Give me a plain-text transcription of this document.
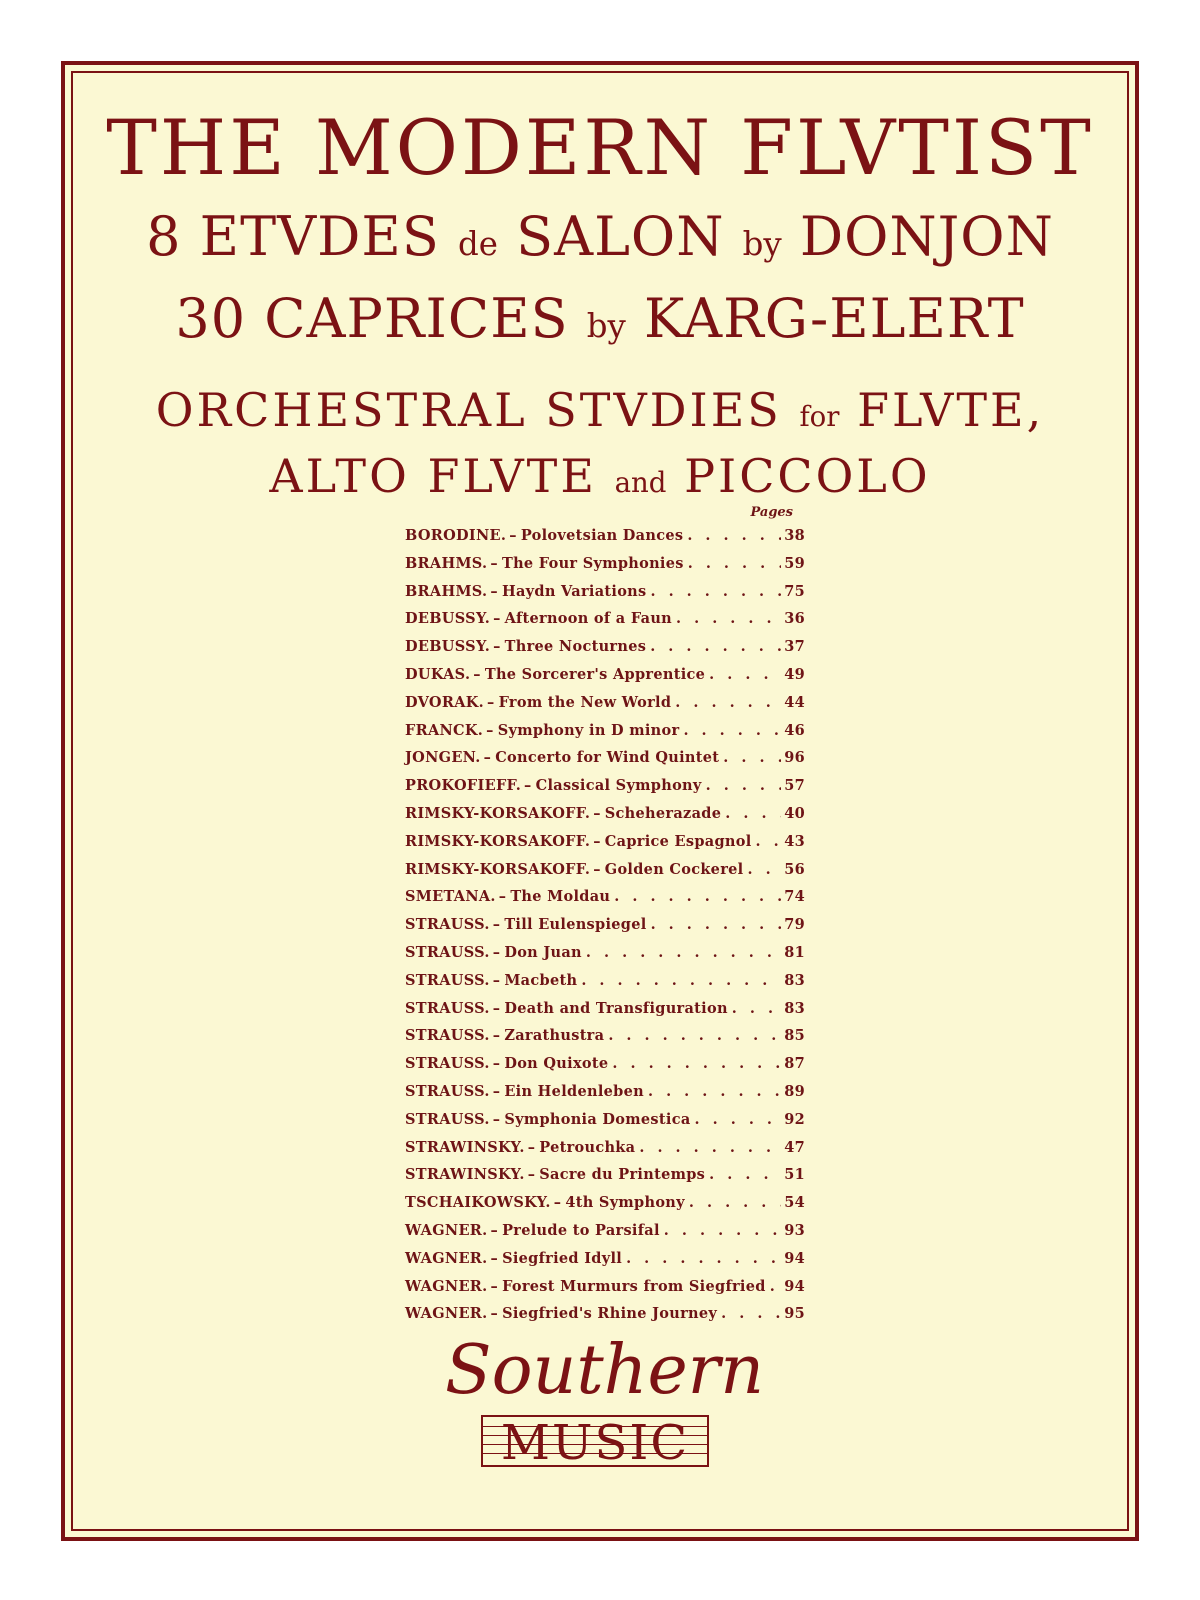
THE MODERN FLVTIST
8 ETVDES de SALON by DONJON
30 CAPRICES by KARG-ELERT
ORCHESTRAL STVDIES for FLVTE,
ALTO FLVTE and PICCOLO
Pages
BORODINE. – Polovetsian Dances . . .	38
BRAHMS. – The Four Symphonies . . .	59
BRAHMS. – Haydn Variations . . .	75
DEBUSSY. – Afternoon of a Faun . . .	36
DEBUSSY. – Three Nocturnes . . .	37
DUKAS. – The Sorcerer's Apprentice . . .	49
DVORAK. – From the New World . . .	44
FRANCK. – Symphony in D minor . . .	46
JONGEN. – Concerto for Wind Quintet . . .	96
PROKOFIEFF. – Classical Symphony . . .	57
RIMSKY-KORSAKOFF. – Scheherazade . . .	40
RIMSKY-KORSAKOFF. – Caprice Espagnol . . . 43
RIMSKY-KORSAKOFF. – Golden Cockerel . . .	56
SMETANA. – The Moldau . . .	74
STRAUSS. – Till Eulenspiegel . . .	79
STRAUSS. – Don Juan . . .	81
STRAUSS. – Macbeth . . .	83
STRAUSS. – Death and Transfiguration . . .	83
STRAUSS. – Zarathustra . . .	85
STRAUSS. – Don Quixote . . .	87
STRAUSS. – Ein Heldenleben . . .	89
STRAUSS. – Symphonia Domestica . . .	92
STRAWINSKY. – Petrouchka . . .	47
STRAWINSKY. – Sacre du Printemps . . .	51
TSCHAIKOWSKY. – 4th Symphony . . .	54
WAGNER. – Prelude to Parsifal . . .	93
WAGNER. – Siegfried Idyll . . .	94
WAGNER. – Forest Murmurs from Siegfried . . . 94
WAGNER. – Siegfried's Rhine Journey . . .	95
Southern
MUSIC
